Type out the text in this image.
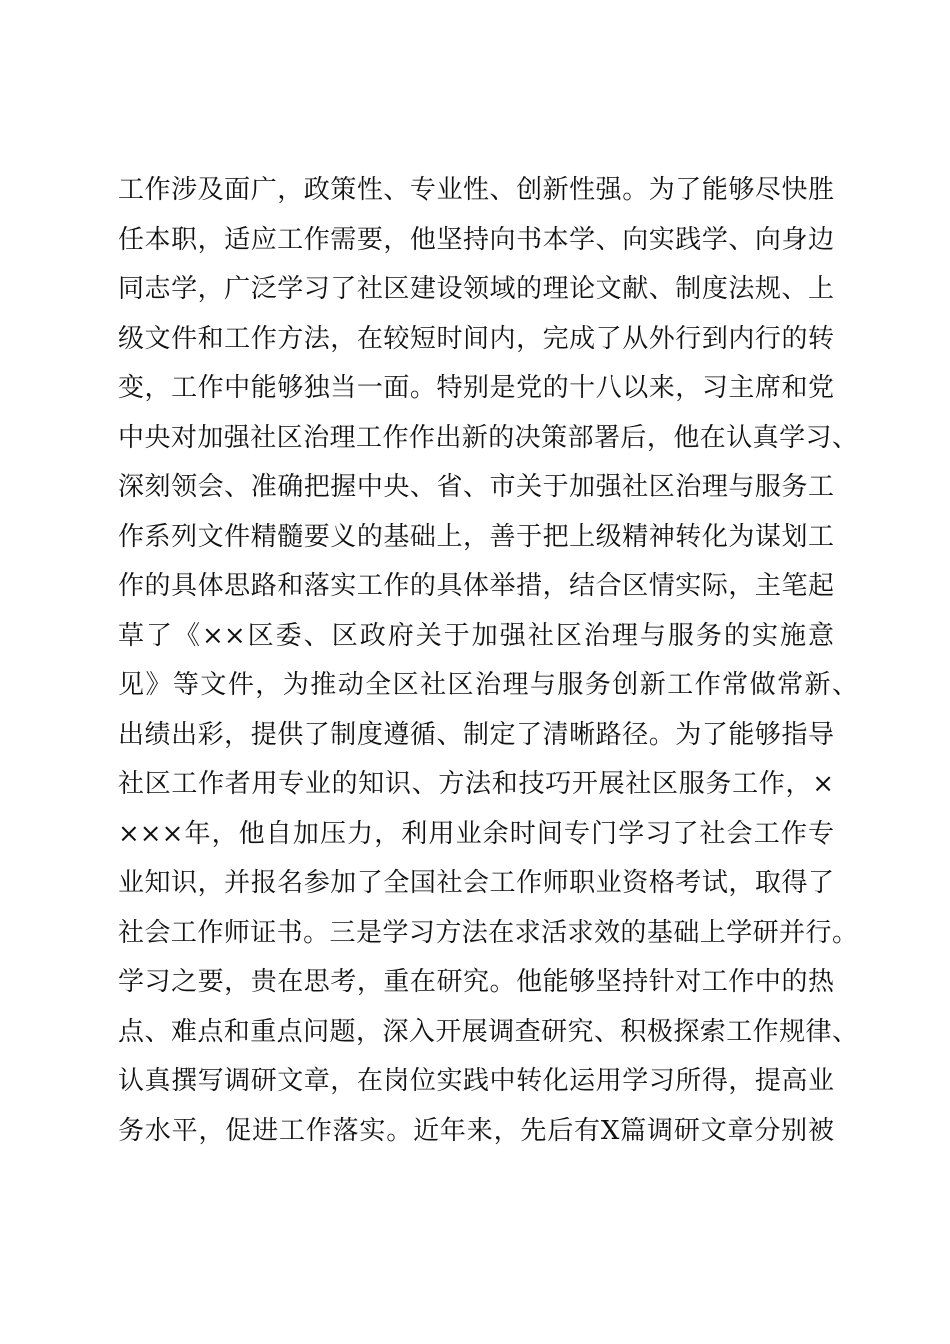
工作涉及面广，政策性、专业性、创新性强。为了能够尽快胜
任本职，适应工作需要，他坚持向书本学、向实践学、向身边
同志学，广泛学习了社区建设领域的理论文献、制度法规、上
级文件和工作方法，在较短时间内，完成了从外行到内行的转
变，工作中能够独当一面。特别是党的十八以来，习主席和党
中央对加强社区治理工作作出新的决策部署后，他在认真学习、
深刻领会、准确把握中央、省、市关于加强社区治理与服务工
作系列文件精髓要义的基础上，善于把上级精神转化为谋划工
作的具体思路和落实工作的具体举措，结合区情实际，主笔起
草了《××区委、区政府关于加强社区治理与服务的实施意
见》等文件，为推动全区社区治理与服务创新工作常做常新、
出绩出彩，提供了制度遵循、制定了清晰路径。为了能够指导
社区工作者用专业的知识、方法和技巧开展社区服务工作，×
×××年，他自加压力，利用业余时间专门学习了社会工作专
业知识，并报名参加了全国社会工作师职业资格考试，取得了
社会工作师证书。三是学习方法在求活求效的基础上学研并行。
学习之要，贵在思考，重在研究。他能够坚持针对工作中的热
点、难点和重点问题，深入开展调查研究、积极探索工作规律、
认真撰写调研文章，在岗位实践中转化运用学习所得，提高业
务水平，促进工作落实。近年来，先后有X篇调研文章分别被
